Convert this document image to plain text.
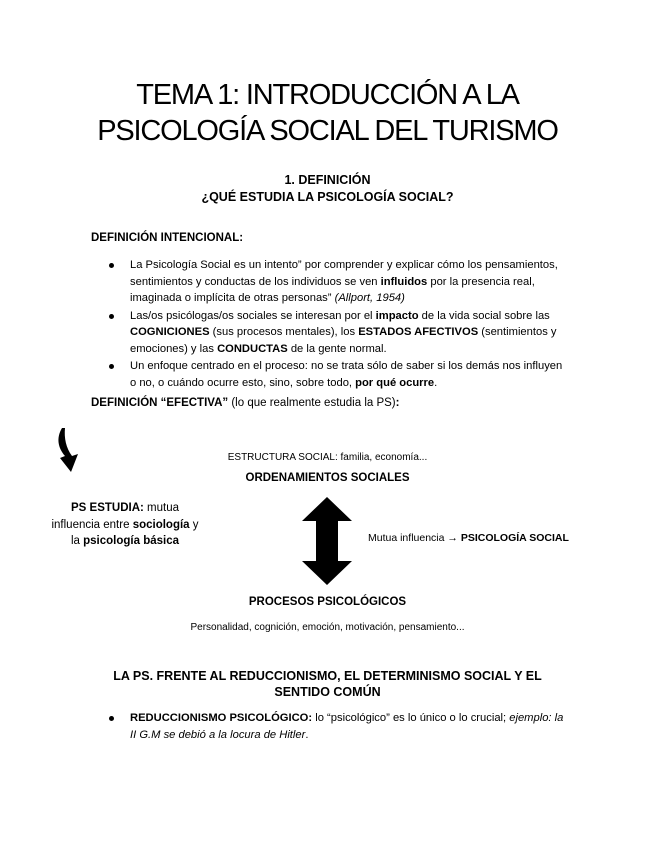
TEMA 1: INTRODUCCIÓN A LA
PSICOLOGÍA SOCIAL DEL TURISMO
1. DEFINICIÓN
¿QUÉ ESTUDIA LA PSICOLOGÍA SOCIAL?
DEFINICIÓN INTENCIONAL:
La Psicología Social es un intento” por comprender y explicar cómo los pensamientos, sentimientos y conductas de los individuos se ven influidos por la presencia real, imaginada o implícita de otras personas” (Allport, 1954)
Las/os psicólogas/os sociales se interesan por el impacto de la vida social sobre las COGNICIONES (sus procesos mentales), los ESTADOS AFECTIVOS (sentimientos y emociones) y las CONDUCTAS de la gente normal.
Un enfoque centrado en el proceso: no se trata sólo de saber si los demás nos influyen o no, o cuándo ocurre esto, sino, sobre todo, por qué ocurre.
DEFINICIÓN “EFECTIVA” (lo que realmente estudia la PS):
ESTRUCTURA SOCIAL: familia, economía...
ORDENAMIENTOS SOCIALES
PS ESTUDIA: mutua
influencia entre sociología y
la psicología básica	Mutua influencia → PSICOLOGÍA SOCIAL
PROCESOS PSICOLÓGICOS
Personalidad, cognición, emoción, motivación, pensamiento...
LA PS. FRENTE AL REDUCCIONISMO, EL DETERMINISMO SOCIAL Y EL
SENTIDO COMÚN
REDUCCIONISMO PSICOLÓGICO: lo “psicológico” es lo único o lo crucial; ejemplo: la II G.M se debió a la locura de Hitler.
